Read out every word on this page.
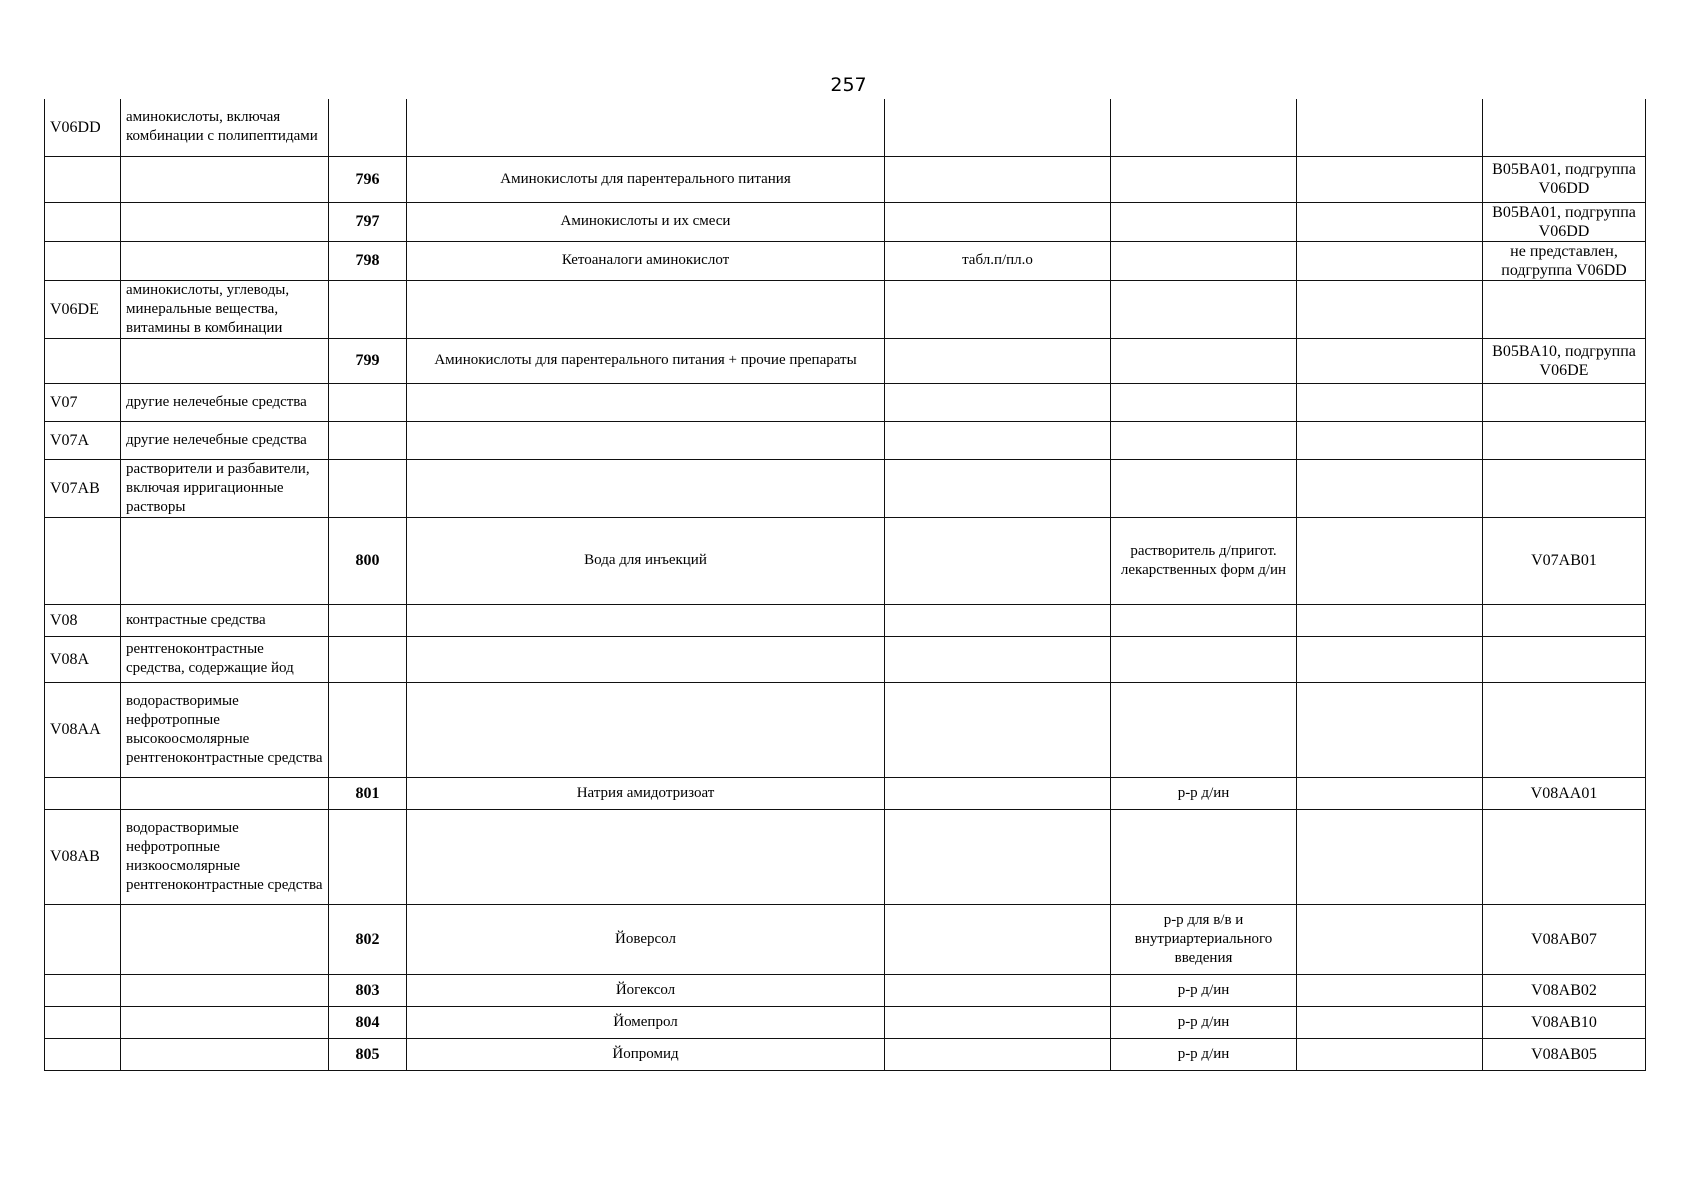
257
V06DD	аминокислоты, включая комбинации с полипептидами						
		796	Аминокислоты для парентерального питания				B05BA01, подгруппа V06DD
		797	Аминокислоты и их смеси				B05BA01, подгруппа V06DD
		798	Кетоаналоги аминокислот	табл.п/пл.о			не представлен, подгруппа V06DD
V06DE	аминокислоты, углеводы, минеральные вещества, витамины в комбинации						
		799	Аминокислоты для парентерального питания + прочие препараты				B05BA10, подгруппа V06DE
V07	другие нелечебные средства						
V07A	другие нелечебные средства						
V07AB	растворители и разбавители, включая ирригационные растворы						
		800	Вода для инъекций		растворитель д/пригот. лекарственных форм д/ин		V07AB01
V08	контрастные средства						
V08A	рентгеноконтрастные средства, содержащие йод						
V08AA	водорастворимые нефротропные высокоосмолярные рентгеноконтрастные средства						
		801	Натрия амидотризоат		р-р д/ин		V08AA01
V08AB	водорастворимые нефротропные низкоосмолярные рентгеноконтрастные средства						
		802	Йоверсол		р-р для в/в и внутриартериального введения		V08AB07
		803	Йогексол		р-р д/ин		V08AB02
		804	Йомепрол		р-р д/ин		V08AB10
		805	Йопромид		р-р д/ин		V08AB05
